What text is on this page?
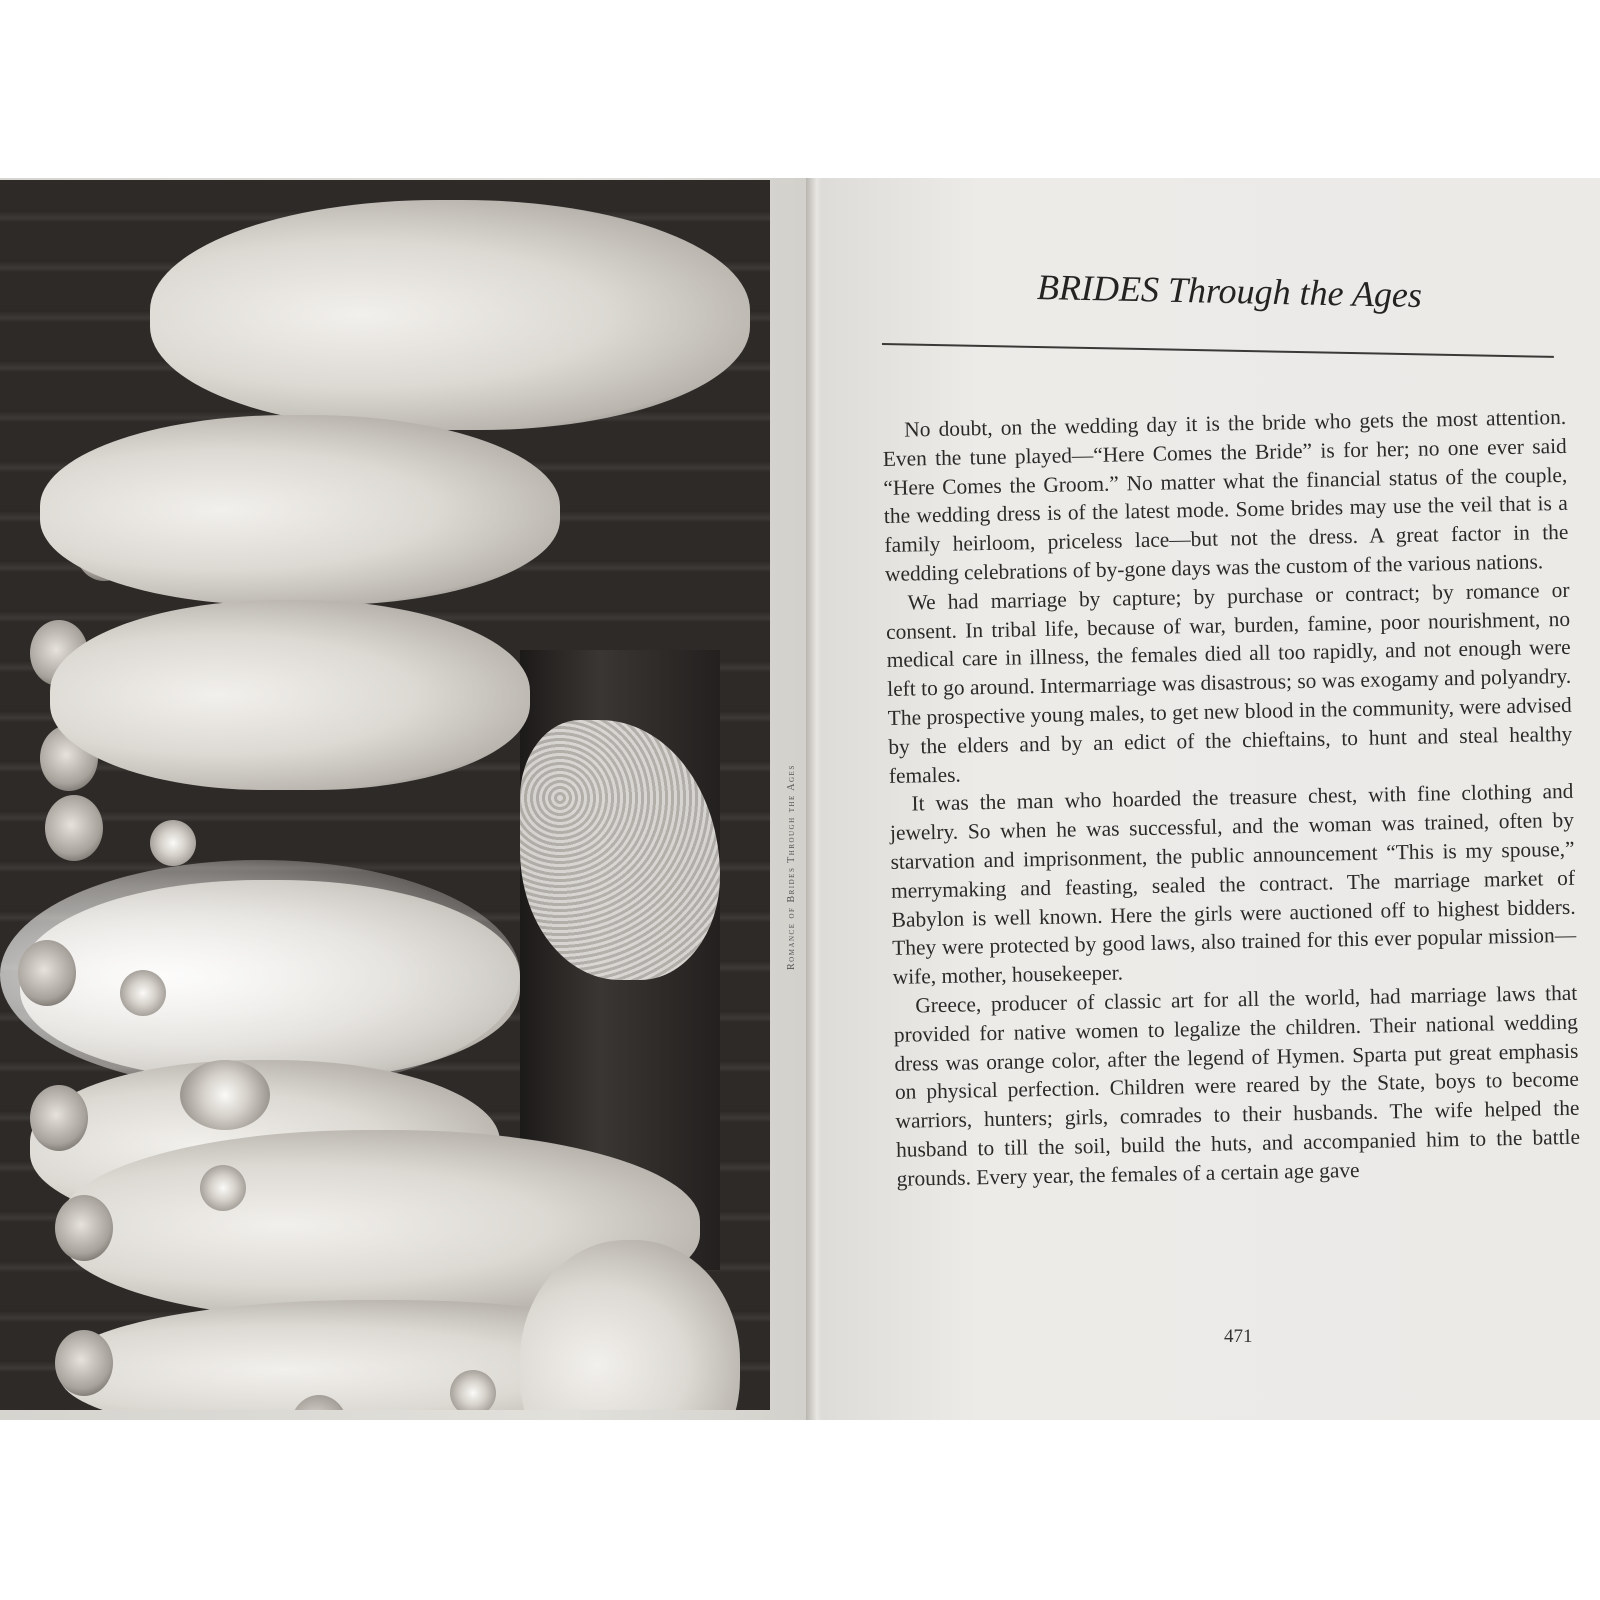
Romance of Brides Through the Ages
BRIDES Through the Ages

No doubt, on the wedding day it is the bride who gets the most attention. Even the tune played—“Here Comes the Bride” is for her; no one ever said “Here Comes the Groom.” No matter what the financial status of the couple, the wedding dress is of the latest mode. Some brides may use the veil that is a family heirloom, priceless lace—but not the dress. A great factor in the wedding celebrations of by-gone days was the custom of the various nations.

We had marriage by capture; by purchase or contract; by romance or consent. In tribal life, because of war, burden, famine, poor nourishment, no medical care in illness, the females died all too rapidly, and not enough were left to go around. Intermarriage was disastrous; so was exogamy and polyandry. The prospective young males, to get new blood in the community, were advised by the elders and by an edict of the chieftains, to hunt and steal healthy females.

It was the man who hoarded the treasure chest, with fine clothing and jewelry. So when he was successful, and the woman was trained, often by starvation and imprisonment, the public announcement “This is my spouse,” merrymaking and feasting, sealed the contract. The marriage market of Babylon is well known. Here the girls were auctioned off to highest bidders. They were protected by good laws, also trained for this ever popular mission—wife, mother, housekeeper.

Greece, producer of classic art for all the world, had marriage laws that provided for native women to legalize the children. Their national wedding dress was orange color, after the legend of Hymen. Sparta put great emphasis on physical perfection. Children were reared by the State, boys to become warriors, hunters; girls, comrades to their husbands. The wife helped the husband to till the soil, build the huts, and accompanied him to the battle grounds. Every year, the females of a certain age gave

471
